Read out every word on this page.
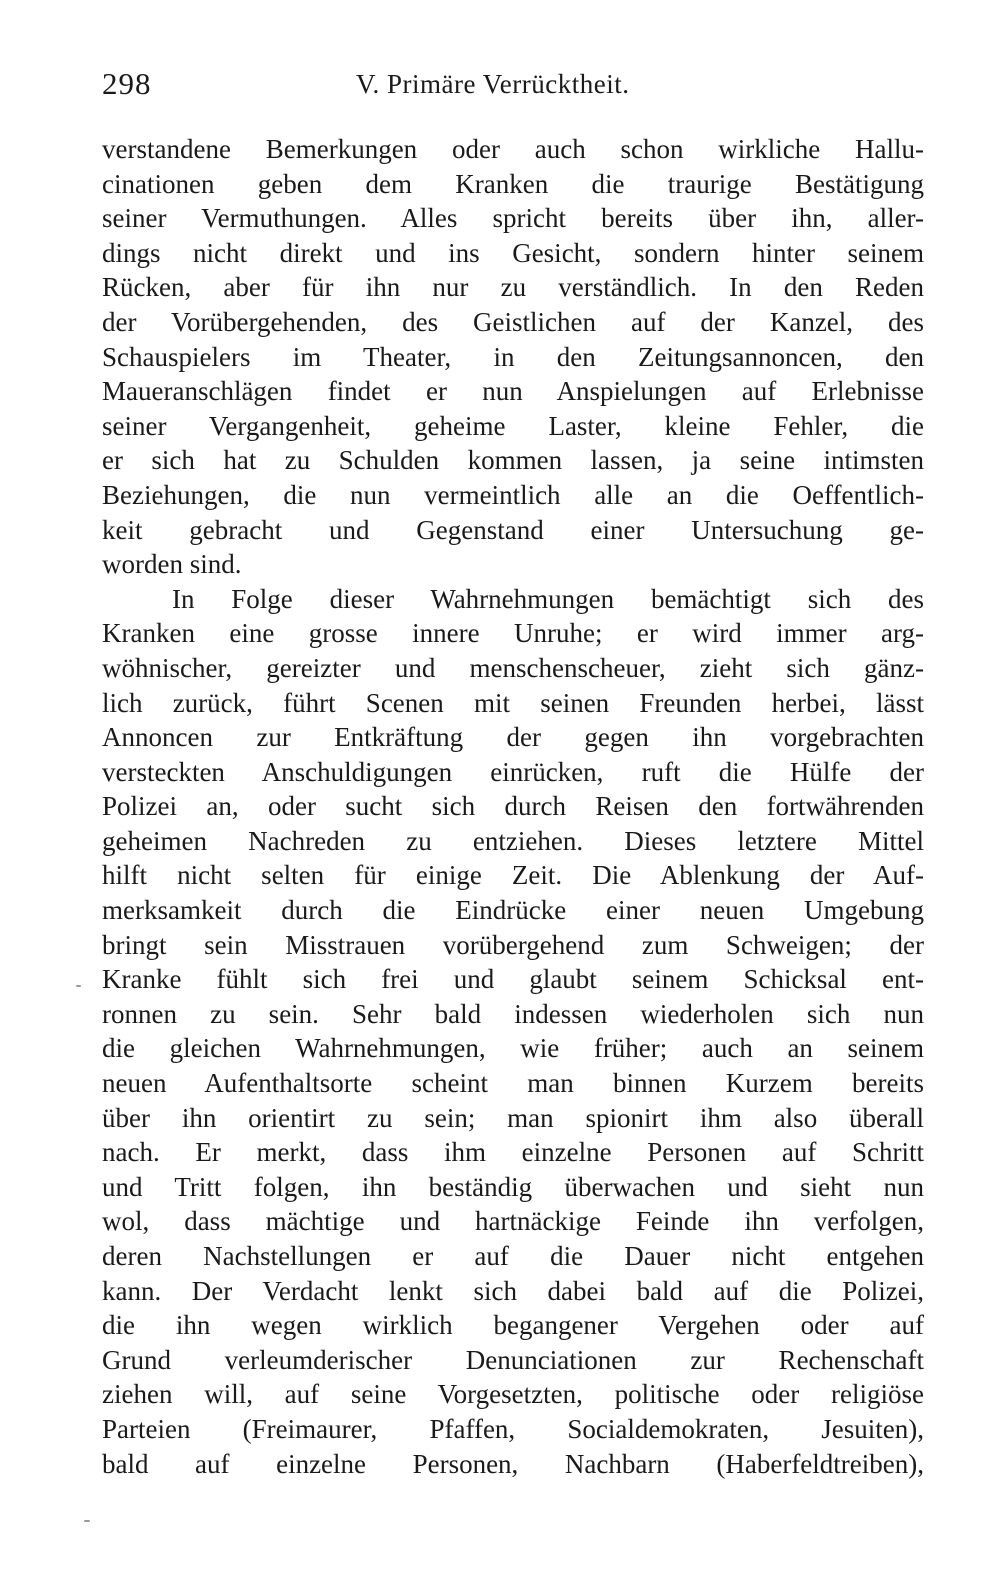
298	V. Primäre Verrücktheit.
verstandene Bemerkungen oder auch schon wirkliche Hallu-
cinationen geben dem Kranken die traurige Bestätigung
seiner Vermuthungen. Alles spricht bereits über ihn, aller-
dings nicht direkt und ins Gesicht, sondern hinter seinem
Rücken, aber für ihn nur zu verständlich. In den Reden
der Vorübergehenden, des Geistlichen auf der Kanzel, des
Schauspielers im Theater, in den Zeitungsannoncen, den
Maueranschlägen findet er nun Anspielungen auf Erlebnisse
seiner Vergangenheit, geheime Laster, kleine Fehler, die
er sich hat zu Schulden kommen lassen, ja seine intimsten
Beziehungen, die nun vermeintlich alle an die Oeffentlich-
keit gebracht und Gegenstand einer Untersuchung ge-
worden sind.
In Folge dieser Wahrnehmungen bemächtigt sich des
Kranken eine grosse innere Unruhe; er wird immer arg-
wöhnischer, gereizter und menschenscheuer, zieht sich gänz-
lich zurück, führt Scenen mit seinen Freunden herbei, lässt
Annoncen zur Entkräftung der gegen ihn vorgebrachten
versteckten Anschuldigungen einrücken, ruft die Hülfe der
Polizei an, oder sucht sich durch Reisen den fortwährenden
geheimen Nachreden zu entziehen. Dieses letztere Mittel
hilft nicht selten für einige Zeit. Die Ablenkung der Auf-
merksamkeit durch die Eindrücke einer neuen Umgebung
bringt sein Misstrauen vorübergehend zum Schweigen; der
Kranke fühlt sich frei und glaubt seinem Schicksal ent-
ronnen zu sein. Sehr bald indessen wiederholen sich nun
die gleichen Wahrnehmungen, wie früher; auch an seinem
neuen Aufenthaltsorte scheint man binnen Kurzem bereits
über ihn orientirt zu sein; man spionirt ihm also überall
nach. Er merkt, dass ihm einzelne Personen auf Schritt
und Tritt folgen, ihn beständig überwachen und sieht nun
wol, dass mächtige und hartnäckige Feinde ihn verfolgen,
deren Nachstellungen er auf die Dauer nicht entgehen
kann. Der Verdacht lenkt sich dabei bald auf die Polizei,
die ihn wegen wirklich begangener Vergehen oder auf
Grund verleumderischer Denunciationen zur Rechenschaft
ziehen will, auf seine Vorgesetzten, politische oder religiöse
Parteien (Freimaurer, Pfaffen, Socialdemokraten, Jesuiten),
bald auf einzelne Personen, Nachbarn (Haberfeldtreiben),
